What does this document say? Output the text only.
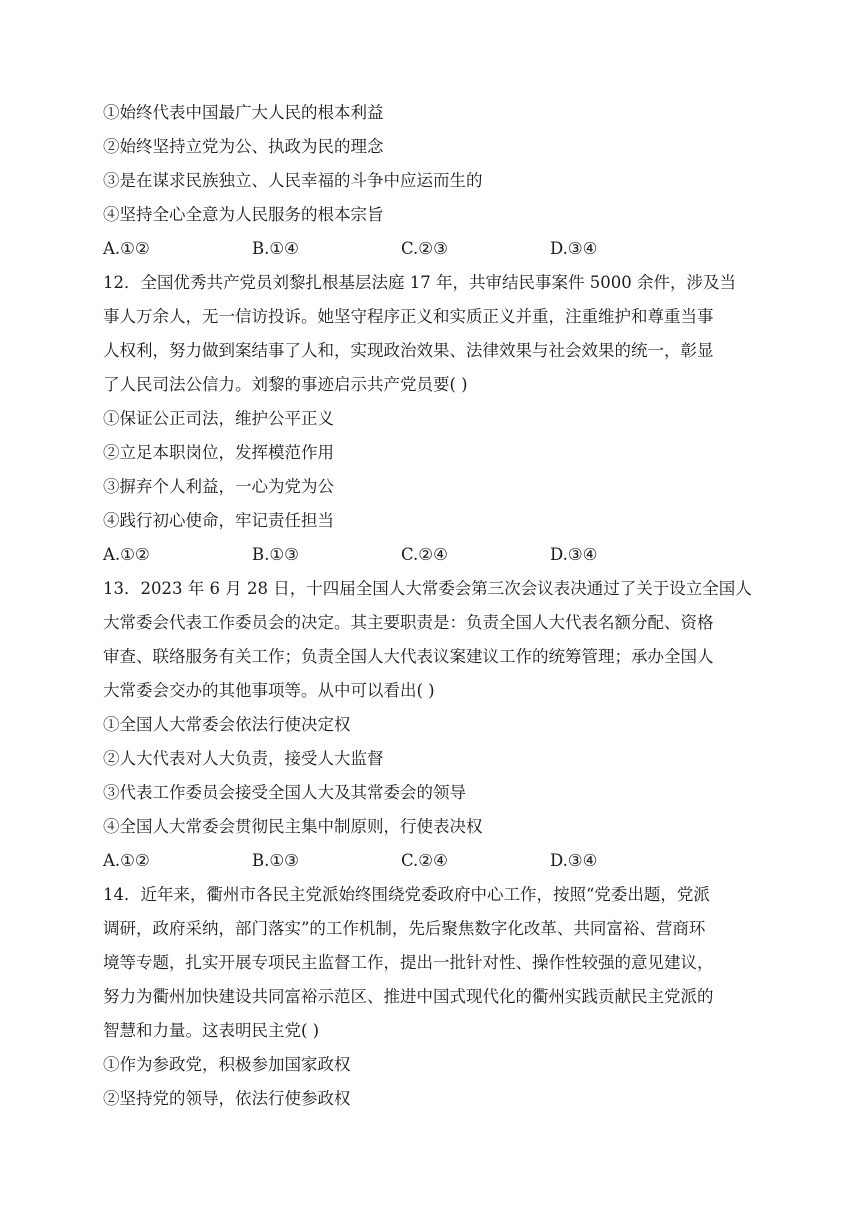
①始终代表中国最广大人民的根本利益

②始终坚持立党为公、执政为民的理念

③是在谋求民族独立、人民幸福的斗争中应运而生的

④坚持全心全意为人民服务的根本宗旨

A.①②	B.①④	C.②③	D.③④

12．全国优秀共产党员刘黎扎根基层法庭 17 年，共审结民事案件 5000 余件，涉及当

事人万余人，无一信访投诉。她坚守程序正义和实质正义并重，注重维护和尊重当事

人权利，努力做到案结事了人和，实现政治效果、法律效果与社会效果的统一，彰显

了人民司法公信力。刘黎的事迹启示共产党员要( )

①保证公正司法，维护公平正义

②立足本职岗位，发挥模范作用

③摒弃个人利益，一心为党为公

④践行初心使命，牢记责任担当

A.①②	B.①③	C.②④	D.③④

13．2023 年 6 月 28 日，十四届全国人大常委会第三次会议表决通过了关于设立全国人

大常委会代表工作委员会的决定。其主要职责是：负责全国人大代表名额分配、资格

审查、联络服务有关工作；负责全国人大代表议案建议工作的统筹管理；承办全国人

大常委会交办的其他事项等。从中可以看出( )

①全国人大常委会依法行使决定权

②人大代表对人大负责，接受人大监督

③代表工作委员会接受全国人大及其常委会的领导

④全国人大常委会贯彻民主集中制原则，行使表决权

A.①②	B.①③	C.②④	D.③④

14．近年来，衢州市各民主党派始终围绕党委政府中心工作，按照“党委出题，党派

调研，政府采纳，部门落实”的工作机制，先后聚焦数字化改革、共同富裕、营商环

境等专题，扎实开展专项民主监督工作，提出一批针对性、操作性较强的意见建议，

努力为衢州加快建设共同富裕示范区、推进中国式现代化的衢州实践贡献民主党派的

智慧和力量。这表明民主党( )

①作为参政党，积极参加国家政权

②坚持党的领导，依法行使参政权
